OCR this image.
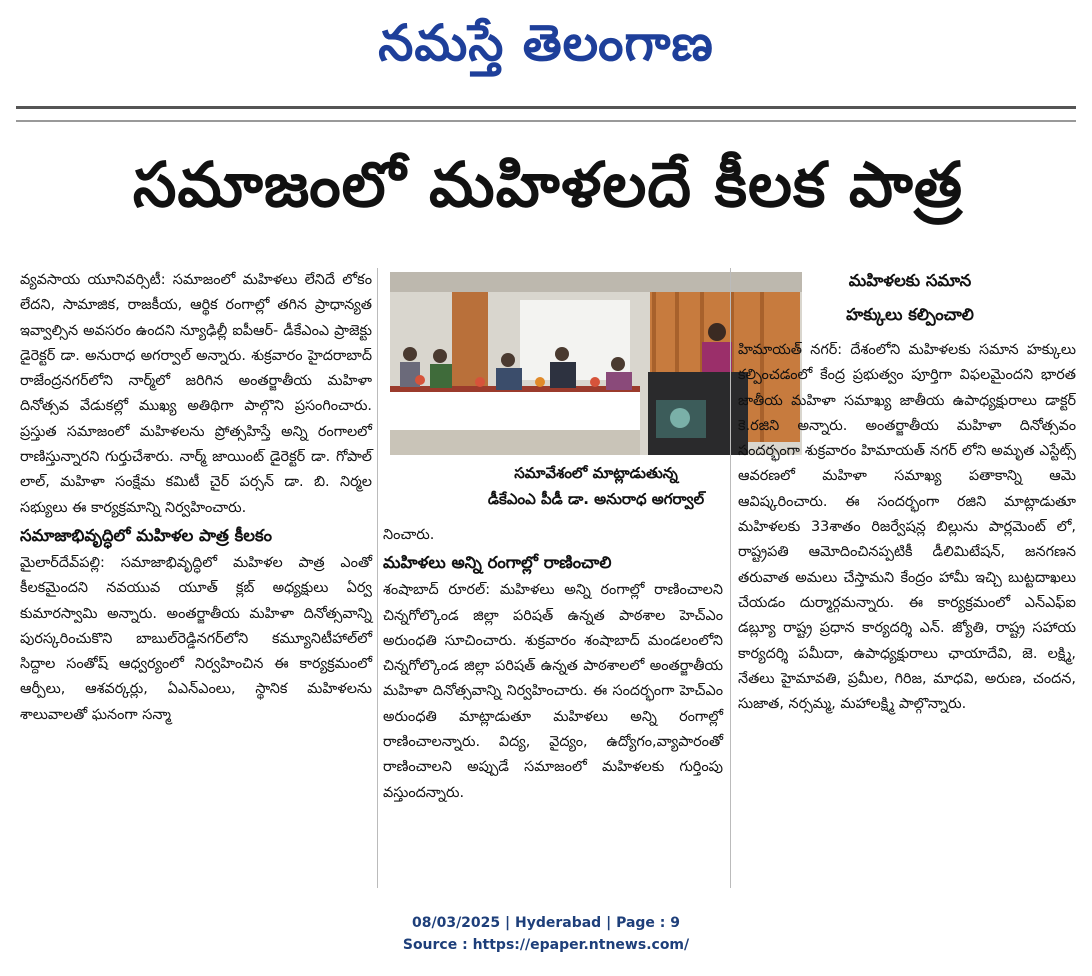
నమస్తే తెలంగాణ
సమాజంలో మహిళలదే కీలక పాత్ర

వ్యవసాయ యూనివర్సిటీ: సమాజంలో మహిళలు లేనిదే లోకం లేదని, సామాజిక, రాజకీయ, ఆర్థిక రంగాల్లో తగిన ప్రాధాన్యత ఇవ్వాల్సిన అవసరం ఉందని న్యూఢిల్లీ ఐపీఆర్- డీకేఎంఎ ప్రాజెక్టు డైరెక్టర్ డా. అనురాధ అగర్వాల్ అన్నారు. శుక్రవారం హైదరాబాద్ రాజేంద్రనగర్‌లోని నార్మ్‌లో జరిగిన అంతర్జాతీయ మహిళా దినోత్సవ వేడుకల్లో ముఖ్య అతిథిగా పాల్గొని ప్రసంగించారు. ప్రస్తుత సమాజంలో మహిళలను ప్రోత్సహిస్తే అన్ని రంగాలలో రాణిస్తున్నారని గుర్తుచేశారు. నార్మ్ జాయింట్ డైరెక్టర్ డా. గోపాల్ లాల్, మహిళా సంక్షేమ కమిటీ చైర్ పర్సన్ డా. బి. నిర్మల సభ్యులు ఈ కార్యక్రమాన్ని నిర్వహించారు.

సమాజాభివృద్ధిలో మహిళల పాత్ర కీలకం

మైలార్‌దేవ్‌పల్లి: సమాజాభివృద్ధిలో మహిళల పాత్ర ఎంతో కీలకమైందని నవయువ యూత్ క్లబ్ అధ్యక్షులు ఏర్వ కుమారస్వామి అన్నారు. అంతర్జాతీయ మహిళా దినోత్సవాన్ని పురస్కరించుకొని బాబుల్‌రెడ్డినగర్‌లోని కమ్యూనిటీహాల్‌లో సిద్దాల సంతోష్ ఆధ్వర్యంలో నిర్వహించిన ఈ కార్యక్రమంలో ఆర్పీలు, ఆశవర్కర్లు, ఏఎన్‌ఎంలు, స్థానిక మహిళలను శాలువాలతో ఘనంగా సన్మా

సమావేశంలో మాట్లాడుతున్న
డీకేఎంఎ పీడీ డా. అనురాధ అగర్వాల్

నించారు.

మహిళలు అన్ని రంగాల్లో రాణించాలి

శంషాబాద్ రూరల్: మహిళలు అన్ని రంగాల్లో రాణించాలని చిన్నగోల్కొండ జిల్లా పరిషత్ ఉన్నత పాఠశాల హెచ్‌ఎం అరుంధతి సూచించారు. శుక్రవారం శంషాబాద్ మండలంలోని చిన్నగోల్కొండ జిల్లా పరిషత్ ఉన్నత పాఠశాలలో అంతర్జాతీయ మహిళా దినోత్సవాన్ని నిర్వహించారు. ఈ సందర్భంగా హెచ్‌ఎం అరుంధతి మాట్లాడుతూ మహిళలు అన్ని రంగాల్లో రాణించాలన్నారు. విద్య, వైద్యం, ఉద్యోగం,వ్యాపారంతో రాణించాలని అప్పుడే సమాజంలో మహిళలకు గుర్తింపు వస్తుందన్నారు.

మహిళలకు సమాన
హక్కులు కల్పించాలి

హిమాయత్ నగర్: దేశంలోని మహిళలకు సమాన హక్కులు కల్పించడంలో కేంద్ర ప్రభుత్వం పూర్తిగా విఫలమైందని భారత జాతీయ మహిళా సమాఖ్య జాతీయ ఉపాధ్యక్షురాలు డాక్టర్ కె.రజిని అన్నారు. అంతర్జాతీయ మహిళా దినోత్సవం సందర్భంగా శుక్రవారం హిమాయత్ నగర్ లోని అమృత ఎస్టేట్స్ ఆవరణలో మహిళా సమాఖ్య పతాకాన్ని ఆమె ఆవిష్కరించారు. ఈ సందర్భంగా రజిని మాట్లాడుతూ మహిళలకు 33శాతం రిజర్వేషన్ల బిల్లును పార్లమెంట్ లో, రాష్ట్రపతి ఆమోదించినప్పటికీ డీలిమిటేషన్, జనగణన తరువాత అమలు చేస్తామని కేంద్రం హామీ ఇచ్చి బుట్టదాఖలు చేయడం దుర్మార్గమన్నారు. ఈ కార్యక్రమంలో ఎన్‌ఎఫ్‌ఐ డబ్ల్యూ రాష్ట్ర ప్రధాన కార్యదర్శి ఎన్. జ్యోతి, రాష్ట్ర సహాయ కార్యదర్శి పమీదా, ఉపాధ్యక్షురాలు ఛాయాదేవి, జె. లక్ష్మి, నేతలు హైమావతి, ప్రమీల, గిరిజ, మాధవి, అరుణ, చందన, సుజాత, నర్సమ్మ, మహాలక్ష్మి పాల్గొన్నారు.

08/03/2025 | Hyderabad | Page : 9
Source : https://epaper.ntnews.com/
